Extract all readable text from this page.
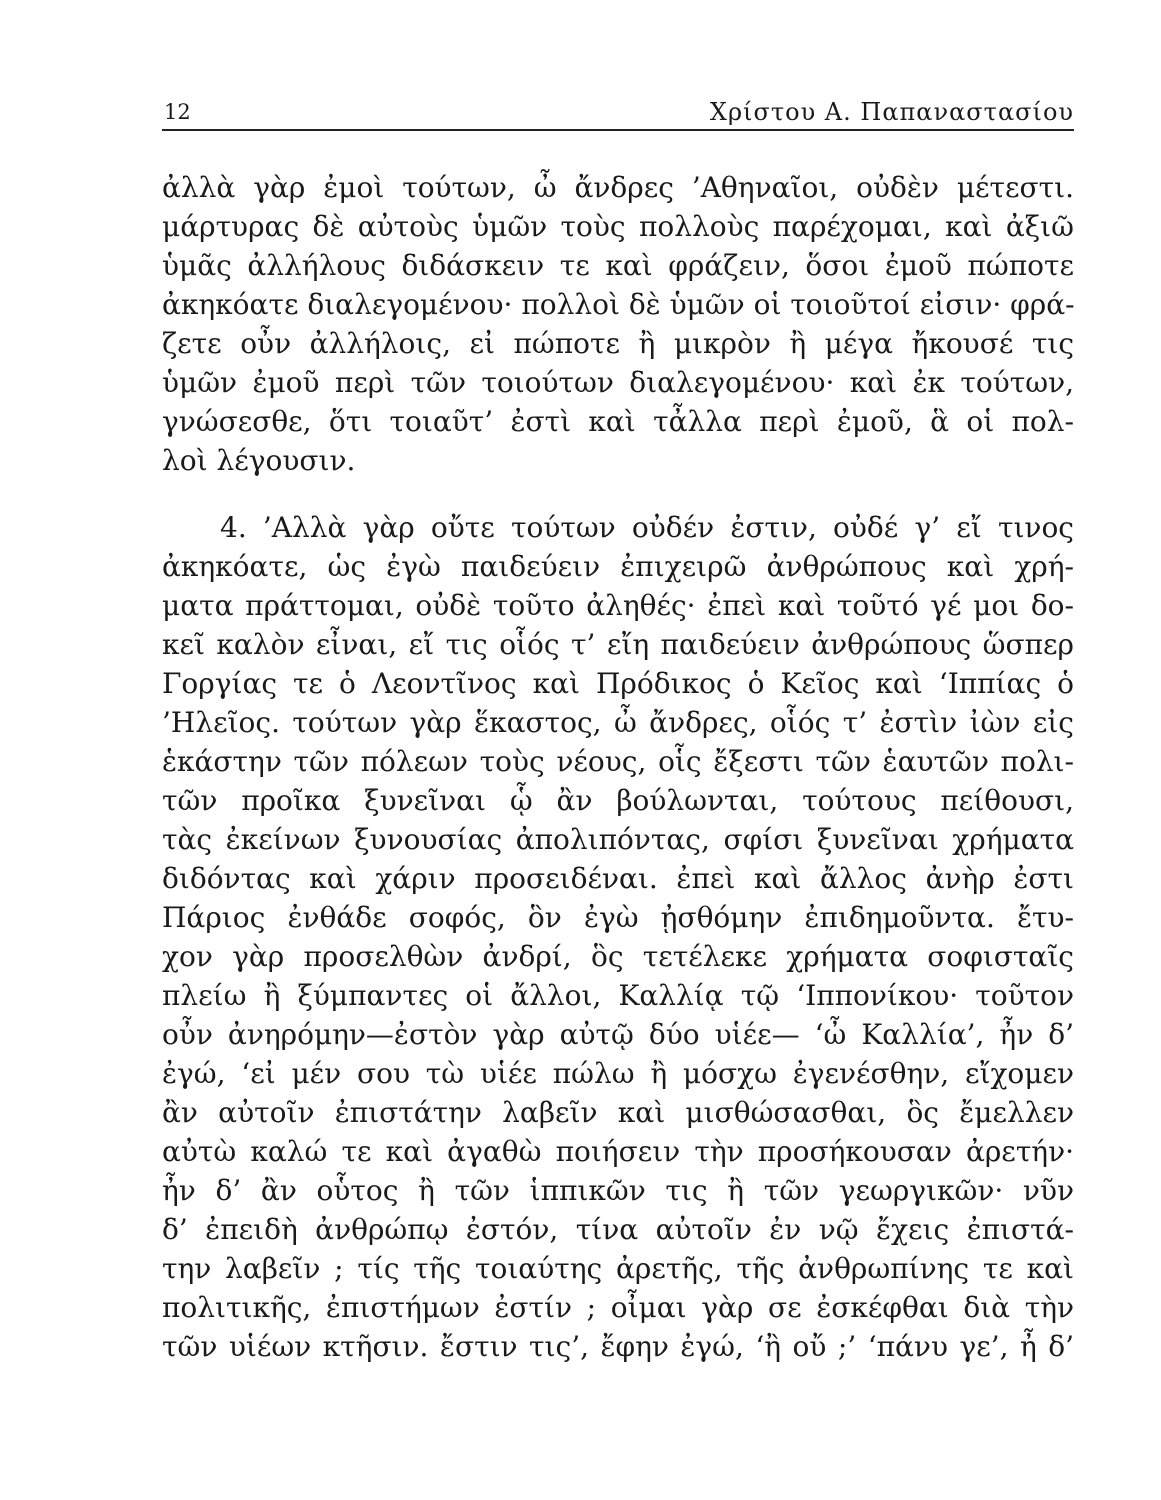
12	Χρίστου Α. Παπαναστασίου
ἀλλὰ γὰρ ἐμοὶ τούτων, ὦ ἄνδρες ’Αθηναῖοι, οὐδὲν μέτεστι.
μάρτυρας δὲ αὐτοὺς ὑμῶν τοὺς πολλοὺς παρέχομαι, καὶ ἀξιῶ
ὑμᾶς ἀλλήλους διδάσκειν τε καὶ φράζειν, ὅσοι ἐμοῦ πώποτε
ἀκηκόατε διαλεγομένου· πολλοὶ δὲ ὑμῶν οἱ τοιοῦτοί εἰσιν· φρά-
ζετε οὖν ἀλλήλοις, εἰ πώποτε ἢ μικρὸν ἢ μέγα ἤκουσέ τις
ὑμῶν ἐμοῦ περὶ τῶν τοιούτων διαλεγομένου· καὶ ἐκ τούτων,
γνώσεσθε, ὅτι τοιαῦτ’ ἐστὶ καὶ τἆλλα περὶ ἐμοῦ, ἃ οἱ πολ-
λοὶ λέγουσιν.
4. ’Αλλὰ γὰρ οὔτε τούτων οὐδέν ἐστιν, οὐδέ γ’ εἴ τινος
ἀκηκόατε, ὡς ἐγὼ παιδεύειν ἐπιχειρῶ ἀνθρώπους καὶ χρή-
ματα πράττομαι, οὐδὲ τοῦτο ἀληθές· ἐπεὶ καὶ τοῦτό γέ μοι δο-
κεῖ καλὸν εἶναι, εἴ τις οἷός τ’ εἴη παιδεύειν ἀνθρώπους ὥσπερ
Γοργίας τε ὁ Λεοντῖνος καὶ Πρόδικος ὁ Κεῖος καὶ ‘Ιππίας ὁ
’Ηλεῖος. τούτων γὰρ ἕκαστος, ὦ ἄνδρες, οἷός τ’ ἐστὶν ἰὼν εἰς
ἑκάστην τῶν πόλεων τοὺς νέους, οἷς ἔξεστι τῶν ἑαυτῶν πολι-
τῶν προῖκα ξυνεῖναι ᾧ ἂν βούλωνται, τούτους πείθουσι,
τὰς ἐκείνων ξυνουσίας ἀπολιπόντας, σφίσι ξυνεῖναι χρήματα
διδόντας καὶ χάριν προσειδέναι. ἐπεὶ καὶ ἄλλος ἀνὴρ ἐστι
Πάριος ἐνθάδε σοφός, ὃν ἐγὼ ᾐσθόμην ἐπιδημοῦντα. ἔτυ-
χον γὰρ προσελθὼν ἀνδρί, ὃς τετέλεκε χρήματα σοφισταῖς
πλείω ἢ ξύμπαντες οἱ ἄλλοι, Καλλίᾳ τῷ ‘Ιππονίκου· τοῦτον
οὖν ἀνηρόμην—ἐστὸν γὰρ αὐτῷ δύο υἱέε— ‘ὦ Καλλία’, ἦν δ’
ἐγώ, ‘εἰ μέν σου τὼ υἱέε πώλω ἢ μόσχω ἐγενέσθην, εἴχομεν
ἂν αὐτοῖν ἐπιστάτην λαβεῖν καὶ μισθώσασθαι, ὃς ἔμελλεν
αὐτὼ καλώ τε καὶ ἀγαθὼ ποιήσειν τὴν προσήκουσαν ἀρετήν·
ἦν δ’ ἂν οὗτος ἢ τῶν ἱππικῶν τις ἢ τῶν γεωργικῶν· νῦν
δ’ ἐπειδὴ ἀνθρώπῳ ἐστόν, τίνα αὐτοῖν ἐν νῷ ἔχεις ἐπιστά-
την λαβεῖν ; τίς τῆς τοιαύτης ἀρετῆς, τῆς ἀνθρωπίνης τε καὶ
πολιτικῆς, ἐπιστήμων ἐστίν ; οἶμαι γὰρ σε ἐσκέφθαι διὰ τὴν
τῶν υἱέων κτῆσιν. ἔστιν τις’, ἔφην ἐγώ, ‘ἢ οὔ ;’ ‘πάνυ γε’, ἦ δ’
